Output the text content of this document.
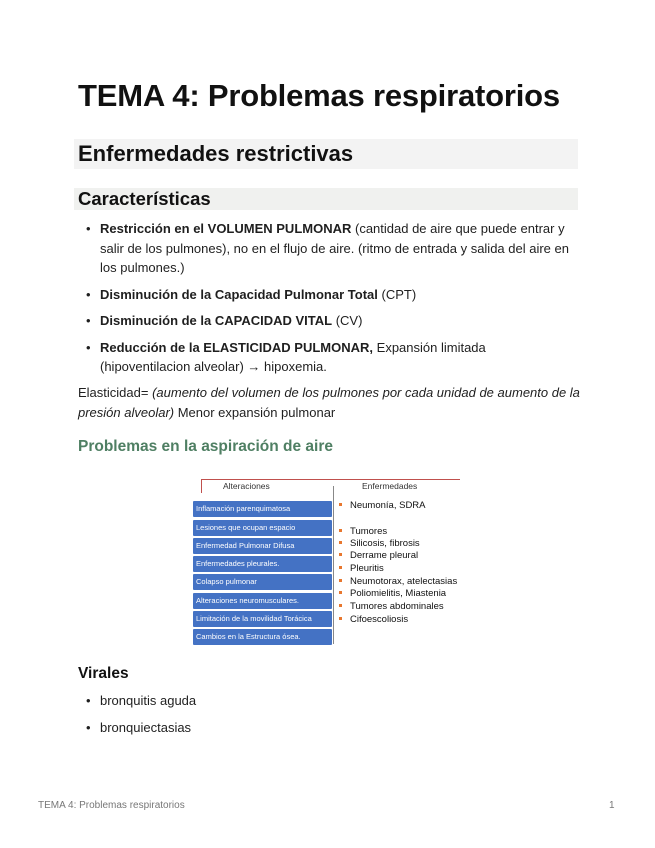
TEMA 4: Problemas respiratorios
Enfermedades restrictivas
Características
• Restricción en el VOLUMEN PULMONAR (cantidad de aire que puede entrar y salir de los pulmones), no en el flujo de aire. (ritmo de entrada y salida del aire en los pulmones.)
• Disminución de la Capacidad Pulmonar Total (CPT)
• Disminución de la CAPACIDAD VITAL (CV)
• Reducción de la ELASTICIDAD PULMONAR, Expansión limitada (hipoventilacion alveolar) → hipoxemia.

Elasticidad= (aumento del volumen de los pulmones por cada unidad de aumento de la presión alveolar) Menor expansión pulmonar

Problemas en la aspiración de aire
Alteraciones	Enfermedades
Inflamación parenquimatosa
Lesiones que ocupan espacio
Enfermedad Pulmonar Difusa
Enfermedades pleurales.
Colapso pulmonar
Alteraciones neuromusculares.
Limitación de la movilidad Torácica
Cambios en la Estructura ósea.
Neumonía, SDRA
Tumores
Silicosis, fibrosis
Derrame pleural
Pleuritis
Neumotorax, atelectasias
Poliomielitis, Miastenia
Tumores abdominales
Cifoescoliosis
Virales
• bronquitis aguda
• bronquiectasias
TEMA 4: Problemas respiratorios	1
